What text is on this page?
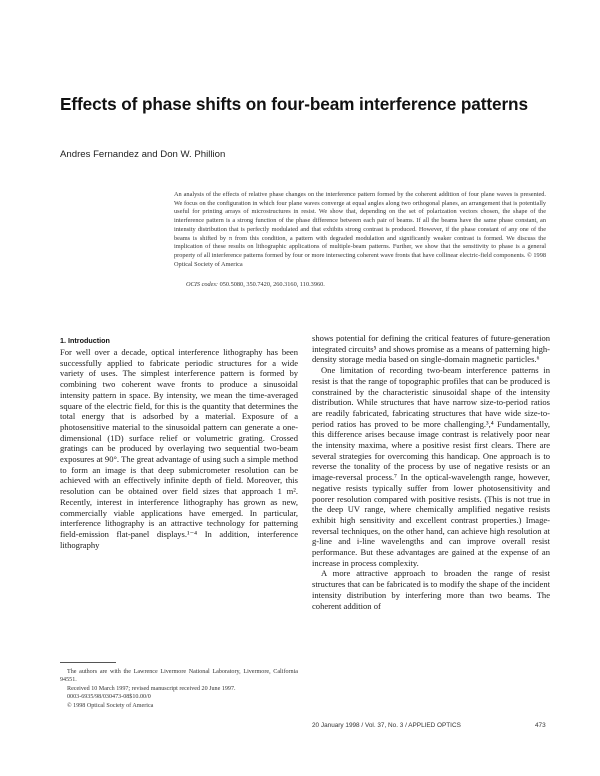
Effects of phase shifts on four-beam interference patterns
Andres Fernandez and Don W. Phillion
An analysis of the effects of relative phase changes on the interference pattern formed by the coherent addition of four plane waves is presented. We focus on the configuration in which four plane waves converge at equal angles along two orthogonal planes, an arrangement that is potentially useful for printing arrays of microstructures in resist. We show that, depending on the set of polarization vectors chosen, the shape of the interference pattern is a strong function of the phase difference between each pair of beams. If all the beams have the same phase constant, an intensity distribution that is perfectly modulated and that exhibits strong contrast is produced. However, if the phase constant of any one of the beams is shifted by π from this condition, a pattern with degraded modulation and significantly weaker contrast is formed. We discuss the implication of these results on lithographic applications of multiple-beam patterns. Further, we show that the sensitivity to phase is a general property of all interference patterns formed by four or more intersecting coherent wave fronts that have collinear electric-field components. © 1998 Optical Society of America
OCIS codes: 050.5080, 350.7420, 260.3160, 110.3960.
1. Introduction

For well over a decade, optical interference lithography has been successfully applied to fabricate periodic structures for a wide variety of uses. The simplest interference pattern is formed by combining two coherent wave fronts to produce a sinusoidal intensity pattern in space. By intensity, we mean the time-averaged square of the electric field, for this is the quantity that determines the total energy that is adsorbed by a material. Exposure of a photosensitive material to the sinusoidal pattern can generate a one-dimensional (1D) surface relief or volumetric grating. Crossed gratings can be produced by overlaying two sequential two-beam exposures at 90°. The great advantage of using such a simple method to form an image is that deep submicrometer resolution can be achieved with an effectively infinite depth of field. Moreover, this resolution can be obtained over field sizes that approach 1 m². Recently, interest in interference lithography has grown as new, commercially viable applications have emerged. In particular, interference lithography is an attractive technology for patterning field-emission flat-panel displays.¹⁻⁴ In addition, interference lithography

shows potential for defining the critical features of future-generation integrated circuits⁵ and shows promise as a means of patterning high-density storage media based on single-domain magnetic particles.⁶

One limitation of recording two-beam interference patterns in resist is that the range of topographic profiles that can be produced is constrained by the characteristic sinusoidal shape of the intensity distribution. While structures that have narrow size-to-period ratios are readily fabricated, fabricating structures that have wide size-to-period ratios has proved to be more challenging.³,⁴ Fundamentally, this difference arises because image contrast is relatively poor near the intensity maxima, where a positive resist first clears. There are several strategies for overcoming this handicap. One approach is to reverse the tonality of the process by use of negative resists or an image-reversal process.⁷ In the optical-wavelength range, however, negative resists typically suffer from lower photosensitivity and poorer resolution compared with positive resists. (This is not true in the deep UV range, where chemically amplified negative resists exhibit high sensitivity and excellent contrast properties.) Image-reversal techniques, on the other hand, can achieve high resolution at g-line and i-line wavelengths and can improve overall resist performance. But these advantages are gained at the expense of an increase in process complexity.

A more attractive approach to broaden the range of resist structures that can be fabricated is to modify the shape of the incident intensity distribution by interfering more than two beams. The coherent addition of

The authors are with the Lawrence Livermore National Laboratory, Livermore, California 94551.

Received 10 March 1997; revised manuscript received 20 June 1997.

0003-6935/98/030473-08$10.00/0

© 1998 Optical Society of America

20 January 1998 / Vol. 37, No. 3 / APPLIED OPTICS	473
